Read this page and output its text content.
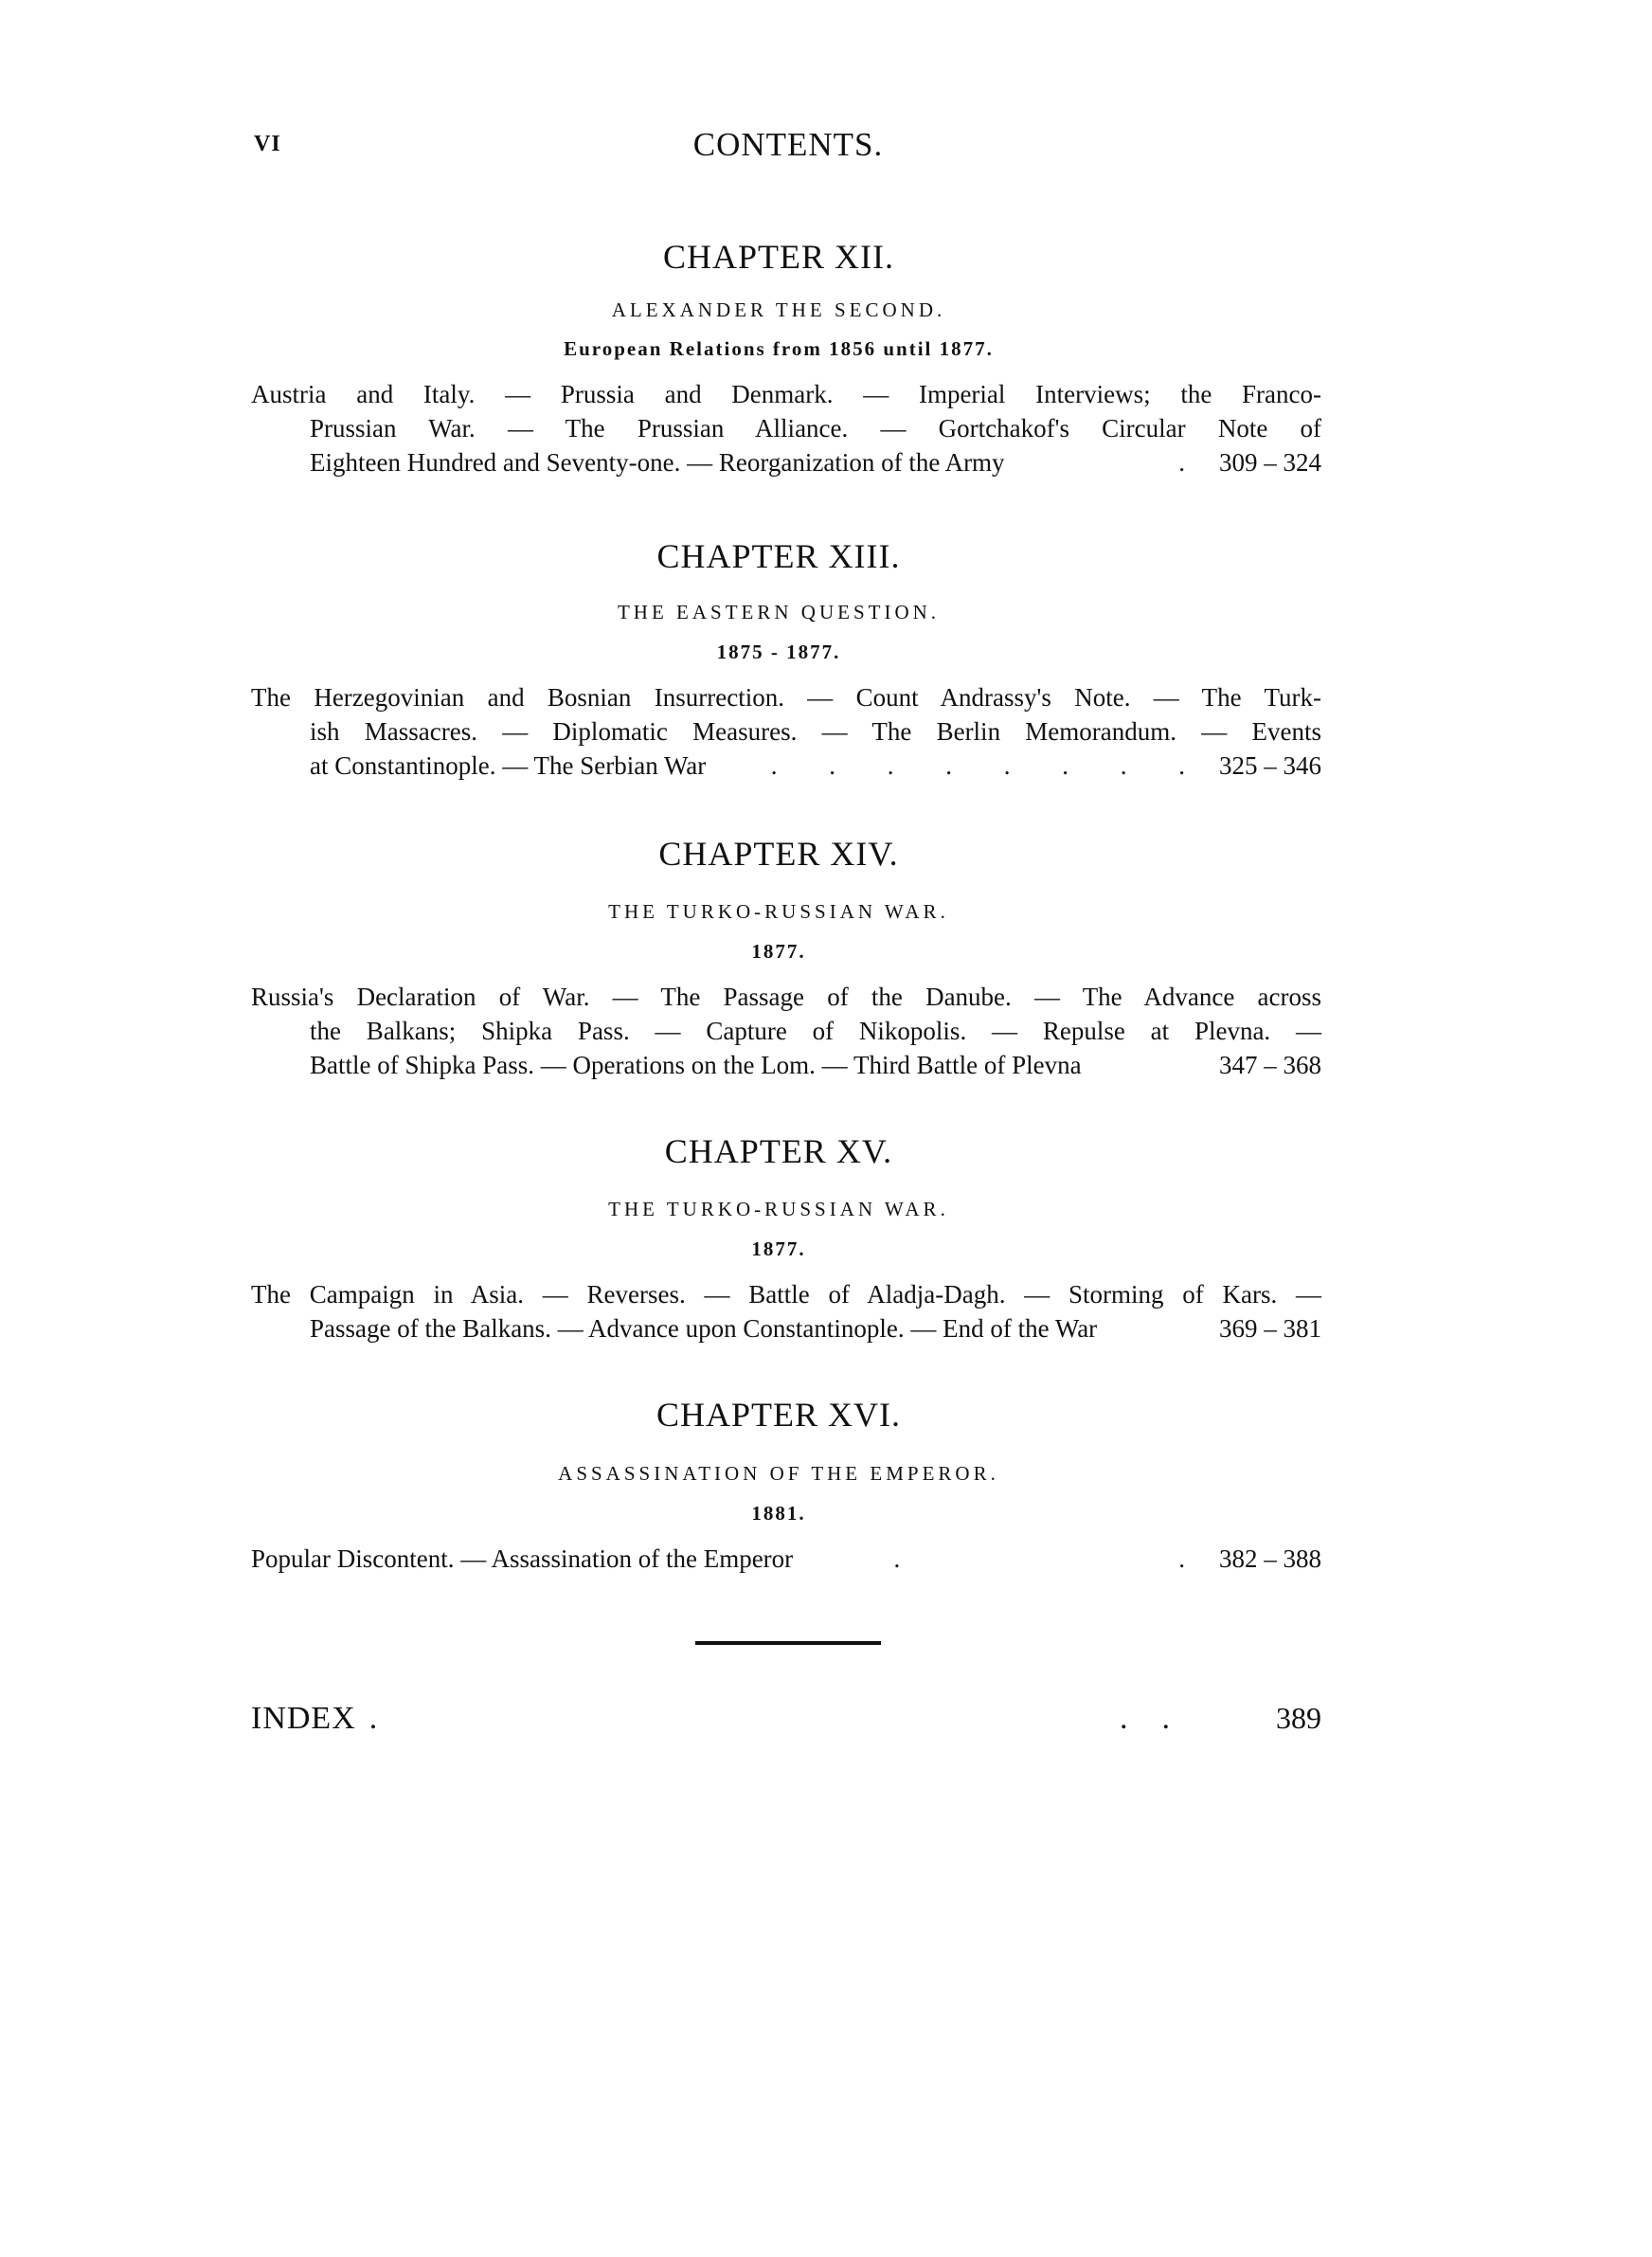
VI	CONTENTS.
CHAPTER XII.
ALEXANDER THE SECOND.
European Relations from 1856 until 1877.
Austria and Italy. — Prussia and Denmark. — Imperial Interviews; the Franco-
Prussian War. — The Prussian Alliance. — Gortchakof's Circular Note of
Eighteen Hundred and Seventy-one. — Reorganization of the Army	. 309 – 324
CHAPTER XIII.
THE EASTERN QUESTION.
1875 - 1877.
The Herzegovinian and Bosnian Insurrection. — Count Andrassy's Note. — The Turk-
ish Massacres. — Diplomatic Measures. — The Berlin Memorandum. — Events
at Constantinople. — The Serbian War	. . . . . . . . 325 – 346
CHAPTER XIV.
THE TURKO-RUSSIAN WAR.
1877.
Russia's Declaration of War. — The Passage of the Danube. — The Advance across
the Balkans; Shipka Pass. — Capture of Nikopolis. — Repulse at Plevna. —
Battle of Shipka Pass. — Operations on the Lom. — Third Battle of Plevna	347 – 368
CHAPTER XV.
THE TURKO-RUSSIAN WAR.
1877.
The Campaign in Asia. — Reverses. — Battle of Aladja-Dagh. — Storming of Kars. —
Passage of the Balkans. — Advance upon Constantinople. — End of the War	369 – 381
CHAPTER XVI.
ASSASSINATION OF THE EMPEROR.
1881.
Popular Discontent. — Assassination of the Emperor	.	. 382 – 388
INDEX .	..	389
